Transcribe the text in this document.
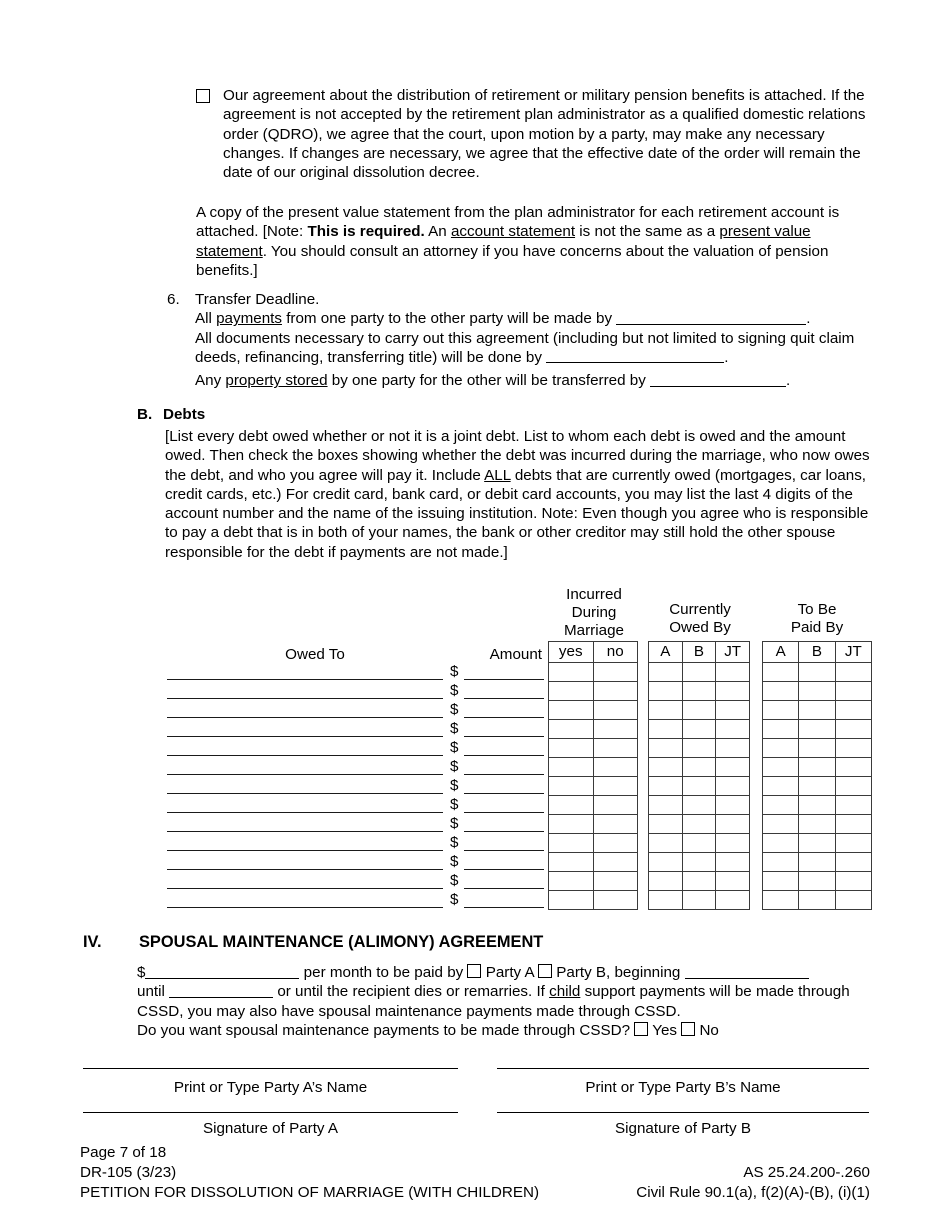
Our agreement about the distribution of retirement or military pension benefits is attached. If the agreement is not accepted by the retirement plan administrator as a qualified domestic relations order (QDRO), we agree that the court, upon motion by a party, may make any necessary changes. If changes are necessary, we agree that the effective date of the order will remain the date of our original dissolution decree.
A copy of the present value statement from the plan administrator for each retirement account is attached. [Note: This is required. An account statement is not the same as a present value statement. You should consult an attorney if you have concerns about the valuation of pension benefits.]
6.	Transfer Deadline.
All payments from one party to the other party will be made by	.
All documents necessary to carry out this agreement (including but not limited to signing quit claim deeds, refinancing, transferring title) will be done by	.
Any property stored by one party for the other will be transferred by	.
B. Debts
[List every debt owed whether or not it is a joint debt. List to whom each debt is owed and the amount owed. Then check the boxes showing whether the debt was incurred during the marriage, who now owes the debt, and who you agree will pay it. Include ALL debts that are currently owed (mortgages, car loans, credit cards, etc.) For credit card, bank card, or debit card accounts, you may list the last 4 digits of the account number and the name of the issuing institution. Note: Even though you agree who is responsible to pay a debt that is in both of your names, the bank or other creditor may still hold the other spouse responsible for the debt if payments are not made.]
Incurred
During
Marriage
Currently
Owed By
To Be
Paid By
Owed To	Amount	yes	no	A	B	JT	A	B	JT
$
$
$
$
$
$
$
$
$
$
$
$
$
IV. SPOUSAL MAINTENANCE (ALIMONY) AGREEMENT
$	per month to be paid by  Party A  Party B, beginning
until	or until the recipient dies or remarries. If child support payments will be made through CSSD, you may also have spousal maintenance payments made through CSSD.
Do you want spousal maintenance payments to be made through CSSD?  Yes  No
Print or Type Party A’s Name	Print or Type Party B’s Name
Signature of Party A	Signature of Party B
Page 7 of 18
DR-105 (3/23)	AS 25.24.200-.260
PETITION FOR DISSOLUTION OF MARRIAGE (WITH CHILDREN)	Civil Rule 90.1(a), f(2)(A)-(B), (i)(1)
